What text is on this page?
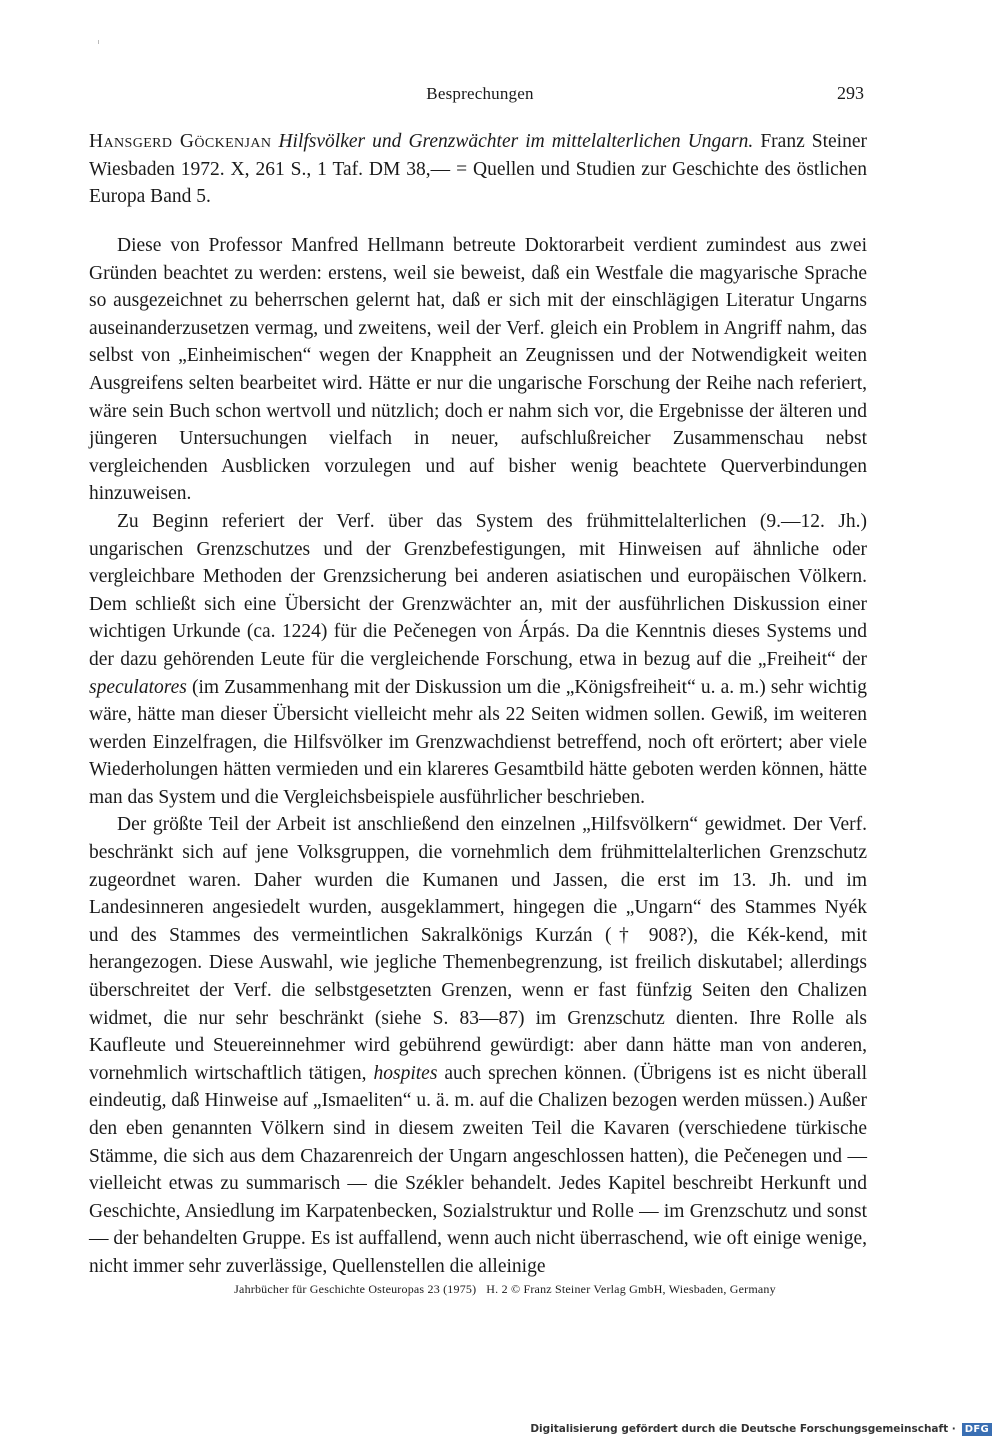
Besprechungen	293
Hansgerd Göckenjan Hilfsvölker und Grenzwächter im mittelalterlichen Ungarn. Franz Steiner Wiesbaden 1972. X, 261 S., 1 Taf. DM 38,— = Quellen und Studien zur Geschichte des östlichen Europa Band 5.

Diese von Professor Manfred Hellmann betreute Doktorarbeit verdient zumindest aus zwei Gründen beachtet zu werden: erstens, weil sie beweist, daß ein Westfale die magyarische Sprache so ausgezeichnet zu beherrschen gelernt hat, daß er sich mit der einschlägigen Literatur Ungarns auseinanderzusetzen vermag, und zweitens, weil der Verf. gleich ein Problem in Angriff nahm, das selbst von „Einheimischen“ wegen der Knappheit an Zeugnissen und der Notwendigkeit weiten Ausgreifens selten bearbeitet wird. Hätte er nur die ungarische Forschung der Reihe nach referiert, wäre sein Buch schon wertvoll und nützlich; doch er nahm sich vor, die Ergebnisse der älteren und jüngeren Untersuchungen vielfach in neuer, aufschlußreicher Zusammenschau nebst vergleichenden Ausblicken vorzulegen und auf bisher wenig beachtete Querverbindungen hinzuweisen.

Zu Beginn referiert der Verf. über das System des frühmittelalterlichen (9.—12. Jh.) ungarischen Grenzschutzes und der Grenzbefestigungen, mit Hinweisen auf ähnliche oder vergleichbare Methoden der Grenzsicherung bei anderen asiatischen und europäischen Völkern. Dem schließt sich eine Übersicht der Grenzwächter an, mit der ausführlichen Diskussion einer wichtigen Urkunde (ca. 1224) für die Pečenegen von Árpás. Da die Kenntnis dieses Systems und der dazu gehörenden Leute für die vergleichende Forschung, etwa in bezug auf die „Freiheit“ der speculatores (im Zusammenhang mit der Diskussion um die „Königsfreiheit“ u. a. m.) sehr wichtig wäre, hätte man dieser Übersicht vielleicht mehr als 22 Seiten widmen sollen. Gewiß, im weiteren werden Einzelfragen, die Hilfsvölker im Grenzwachdienst betreffend, noch oft erörtert; aber viele Wiederholungen hätten vermieden und ein klareres Gesamtbild hätte geboten werden können, hätte man das System und die Vergleichsbeispiele ausführlicher beschrieben.

Der größte Teil der Arbeit ist anschließend den einzelnen „Hilfsvölkern“ gewidmet. Der Verf. beschränkt sich auf jene Volksgruppen, die vornehmlich dem frühmittelalterlichen Grenzschutz zugeordnet waren. Daher wurden die Kumanen und Jassen, die erst im 13. Jh. und im Landesinneren angesiedelt wurden, ausgeklammert, hingegen die „Ungarn“ des Stammes Nyék und des Stammes des vermeintlichen Sakralkönigs Kurzán († 908?), die Kék-kend, mit herangezogen. Diese Auswahl, wie jegliche Themenbegrenzung, ist freilich diskutabel; allerdings überschreitet der Verf. die selbstgesetzten Grenzen, wenn er fast fünfzig Seiten den Chalizen widmet, die nur sehr beschränkt (siehe S. 83—87) im Grenzschutz dienten. Ihre Rolle als Kaufleute und Steuereinnehmer wird gebührend gewürdigt: aber dann hätte man von anderen, vornehmlich wirtschaftlich tätigen, hospites auch sprechen können. (Übrigens ist es nicht überall eindeutig, daß Hinweise auf „Ismaeliten“ u. ä. m. auf die Chalizen bezogen werden müssen.) Außer den eben genannten Völkern sind in diesem zweiten Teil die Kavaren (verschiedene türkische Stämme, die sich aus dem Chazarenreich der Ungarn angeschlossen hatten), die Pečenegen und — vielleicht etwas zu summarisch — die Székler behandelt. Jedes Kapitel beschreibt Herkunft und Geschichte, Ansiedlung im Karpatenbecken, Sozialstruktur und Rolle — im Grenzschutz und sonst — der behandelten Gruppe. Es ist auffallend, wenn auch nicht überraschend, wie oft einige wenige, nicht immer sehr zuverlässige, Quellenstellen die alleinige

Jahrbücher für Geschichte Osteuropas 23 (1975) H. 2 © Franz Steiner Verlag GmbH, Wiesbaden, Germany
Digitalisierung gefördert durch die Deutsche Forschungsgemeinschaft · DFG
